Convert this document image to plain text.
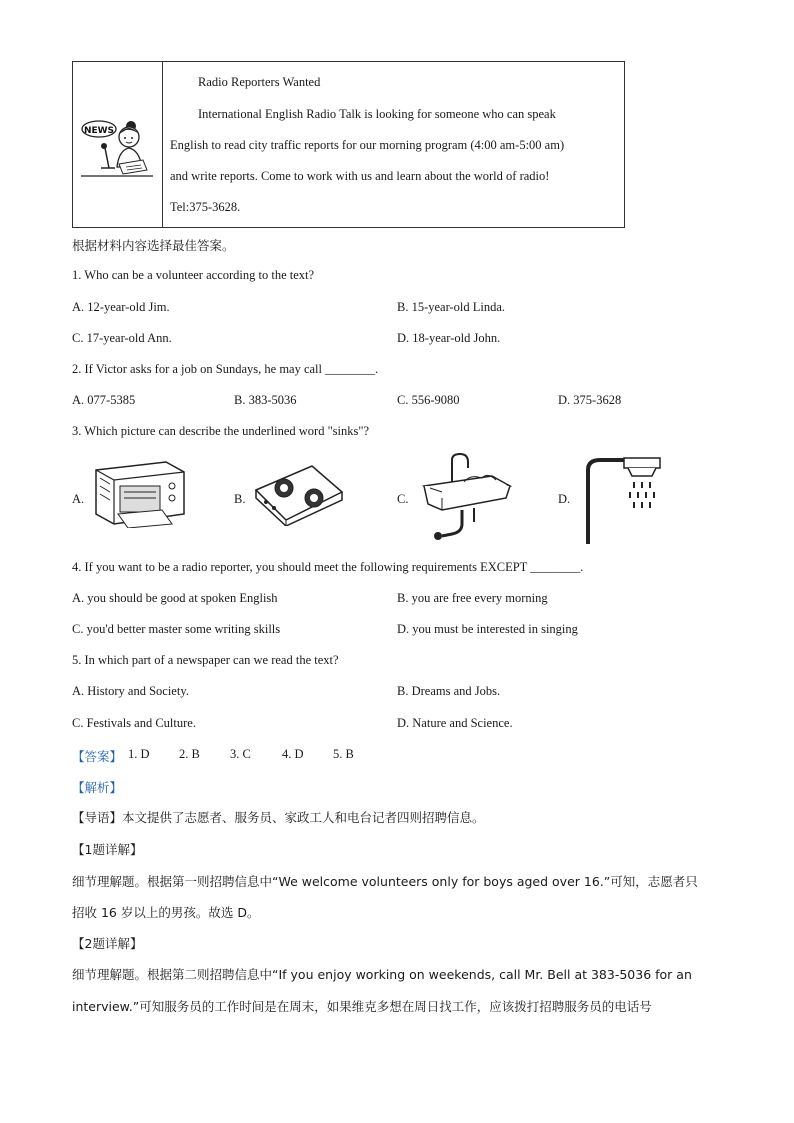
NEWS
Radio Reporters Wanted
International English Radio Talk is looking for someone who can speak
English to read city traffic reports for our morning program (4:00 am-5:00 am)
and write reports. Come to work with us and learn about the world of radio!
Tel:375-3628.
根据材料内容选择最佳答案。
1. Who can be a volunteer according to the text?
A. 12-year-old Jim.	B. 15-year-old Linda.
C. 17-year-old Ann.	D. 18-year-old John.
2. If Victor asks for a job on Sundays, he may call ________.
A. 077-5385	B. 383-5036	C. 556-9080	D. 375-3628
3. Which picture can describe the underlined word "sinks"?
A.	B.	C.	D.
4. If you want to be a radio reporter, you should meet the following requirements EXCEPT ________.
A. you should be good at spoken English	B. you are free every morning
C. you'd better master some writing skills	D. you must be interested in singing
5. In which part of a newspaper can we read the text?
A. History and Society.	B. Dreams and Jobs.
C. Festivals and Culture.	D. Nature and Science.
【答案】 1. D 2. B 3. C 4. D 5. B
【解析】
【导语】本文提供了志愿者、服务员、家政工人和电台记者四则招聘信息。
【1题详解】
细节理解题。根据第一则招聘信息中“We welcome volunteers only for boys aged over 16.”可知，志愿者只
招收 16 岁以上的男孩。故选 D。
【2题详解】
细节理解题。根据第二则招聘信息中“If you enjoy working on weekends, call Mr. Bell at 383-5036 for an
interview.”可知服务员的工作时间是在周末，如果维克多想在周日找工作，应该拨打招聘服务员的电话号
